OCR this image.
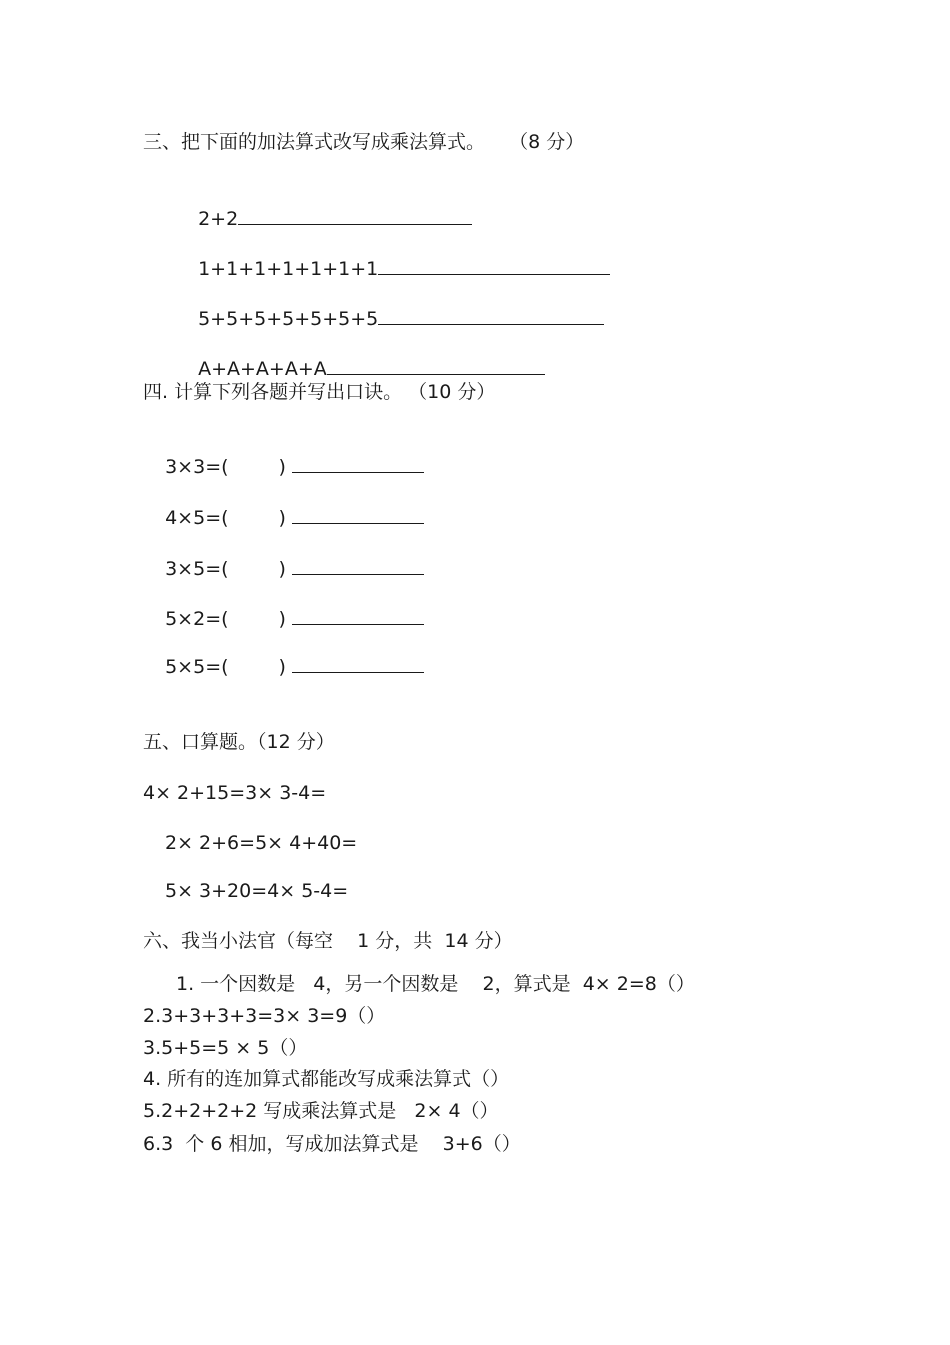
三、把下面的加法算式改写成乘法算式。    （8 分）

2+2

1+1+1+1+1+1+1

5+5+5+5+5+5+5

A+A+A+A+A

四. 计算下列各题并写出口诀。 （10 分）

3×3=(	)

4×5=(	)

3×5=(	)

5×2=(	)

5×5=(	)

五、口算题。（12 分）
4× 2+15=3× 3-4=
2× 2+6=5× 4+40=
5× 3+20=4× 5-4=
六、我当小法官（每空    1 分，共  14 分）
1. 一个因数是   4，另一个因数是    2，算式是  4× 2=8（）
2.3+3+3+3=3× 3=9（）
3.5+5=5 × 5（）
4. 所有的连加算式都能改写成乘法算式（）
5.2+2+2+2 写成乘法算式是   2× 4（）
6.3  个 6 相加，写成加法算式是    3+6（）
